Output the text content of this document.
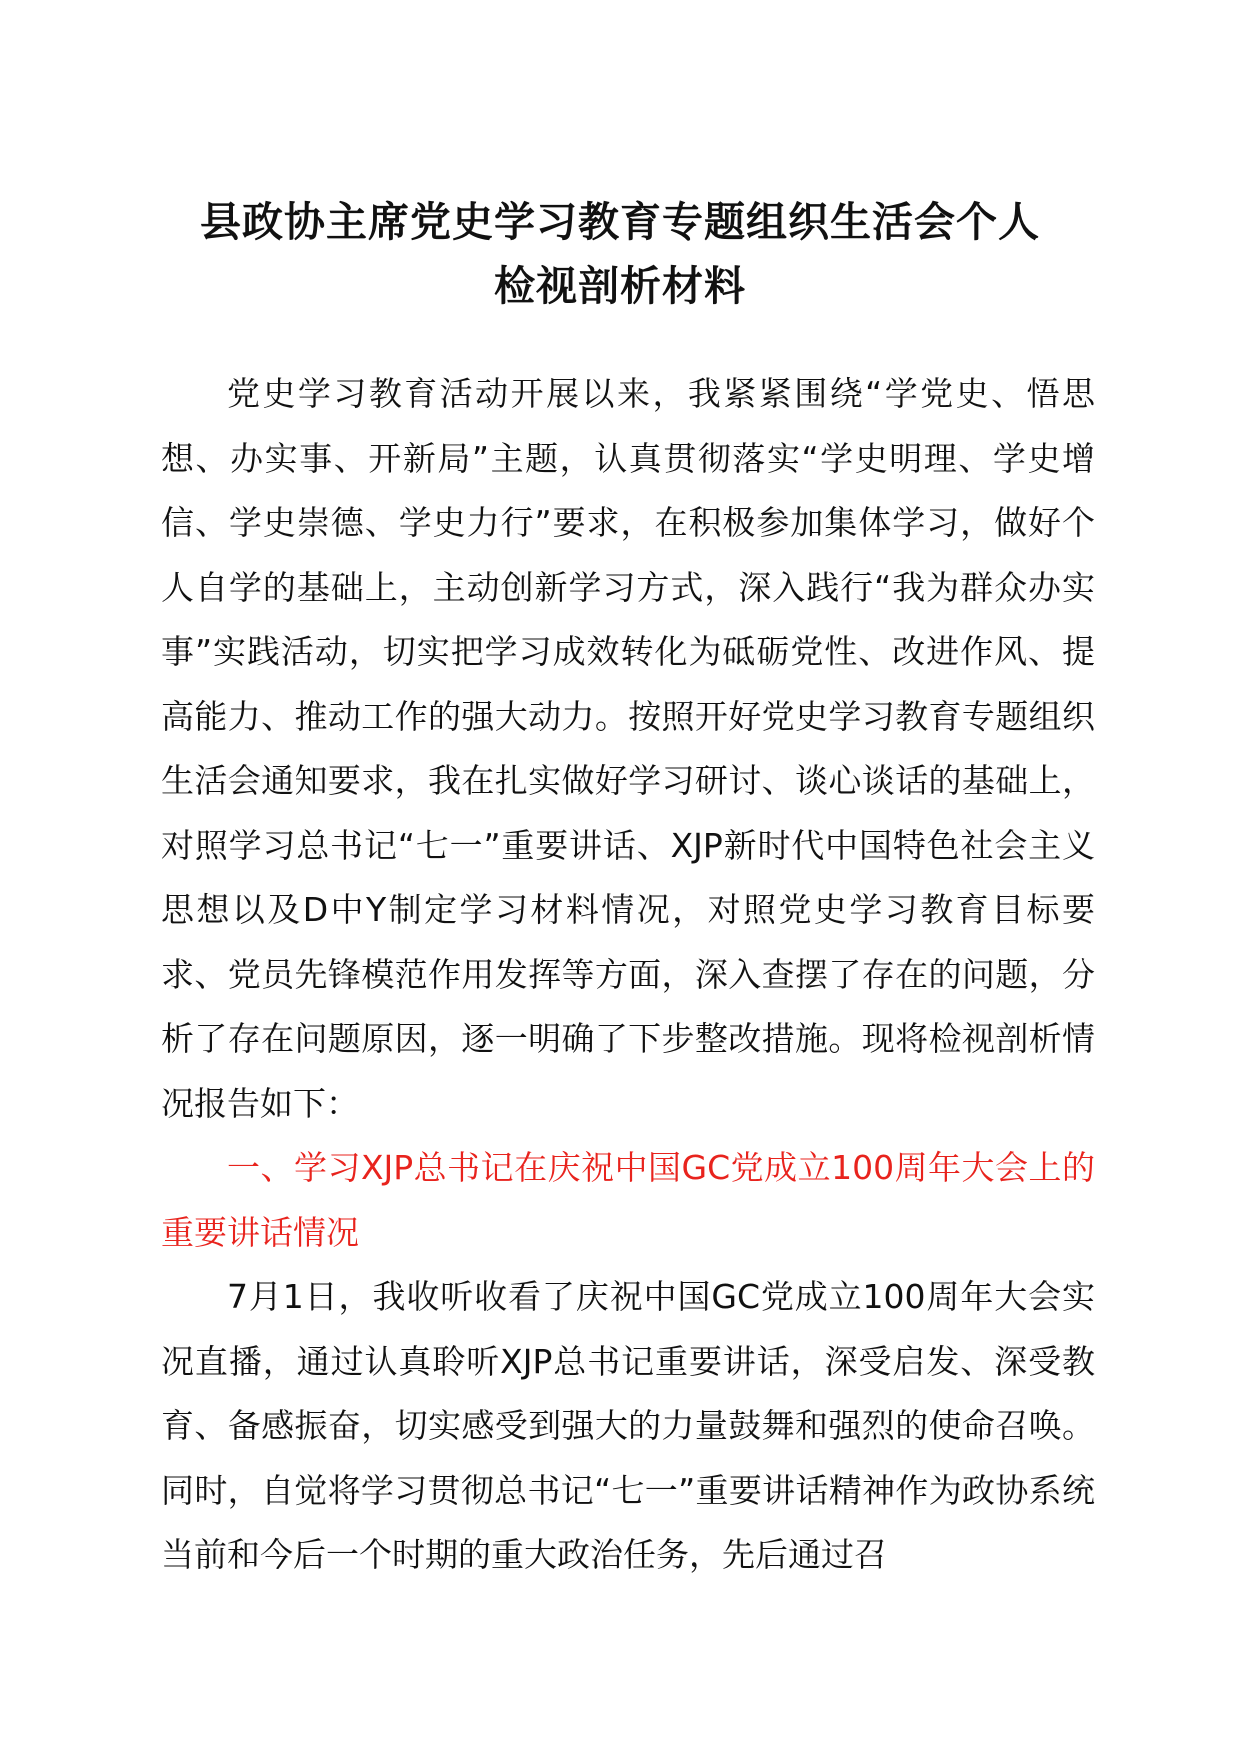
县政协主席党史学习教育专题组织生活会个人
检视剖析材料

党史学习教育活动开展以来，我紧紧围绕“学党史、悟思想、办实事、开新局”主题，认真贯彻落实“学史明理、学史增信、学史崇德、学史力行”要求，在积极参加集体学习，做好个人自学的基础上，主动创新学习方式，深入践行“我为群众办实事”实践活动，切实把学习成效转化为砥砺党性、改进作风、提高能力、推动工作的强大动力。按照开好党史学习教育专题组织生活会通知要求，我在扎实做好学习研讨、谈心谈话的基础上，对照学习总书记“七一”重要讲话、XJP新时代中国特色社会主义思想以及D中Y制定学习材料情况，对照党史学习教育目标要求、党员先锋模范作用发挥等方面，深入查摆了存在的问题，分析了存在问题原因，逐一明确了下步整改措施。现将检视剖析情况报告如下：

一、学习XJP总书记在庆祝中国GC党成立100周年大会上的重要讲话情况

7月1日，我收听收看了庆祝中国GC党成立100周年大会实况直播，通过认真聆听XJP总书记重要讲话，深受启发、深受教育、备感振奋，切实感受到强大的力量鼓舞和强烈的使命召唤。同时，自觉将学习贯彻总书记“七一”重要讲话精神作为政协系统当前和今后一个时期的重大政治任务，先后通过召
